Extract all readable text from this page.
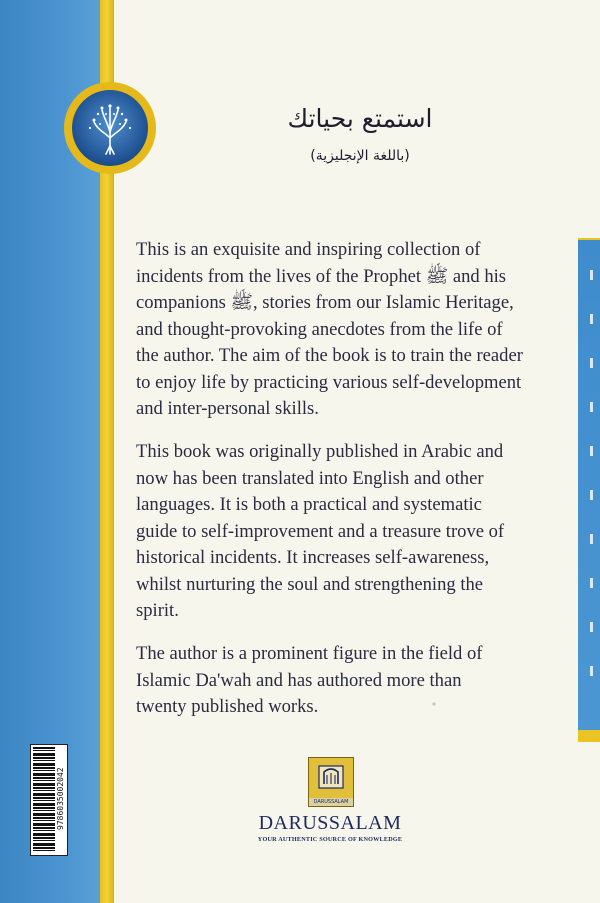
استمتع بحياتك
(باللغة الإنجليزية)
This is an exquisite and inspiring collection of
incidents from the lives of the Prophet ﷺ and his
companions ﷺ, stories from our Islamic Heritage,
and thought-provoking anecdotes from the life of
the author. The aim of the book is to train the reader
to enjoy life by practicing various self-development
and inter-personal skills.
This book was originally published in Arabic and
now has been translated into English and other
languages. It is both a practical and systematic
guide to self-improvement and a treasure trove of
historical incidents. It increases self-awareness,
whilst nurturing the soul and strengthening the
spirit.
The author is a prominent figure in the field of
Islamic Da'wah and has authored more than
twenty published works.
9786035002042	DARUSSALAM
DARUSSALAM
YOUR AUTHENTIC SOURCE OF KNOWLEDGE
